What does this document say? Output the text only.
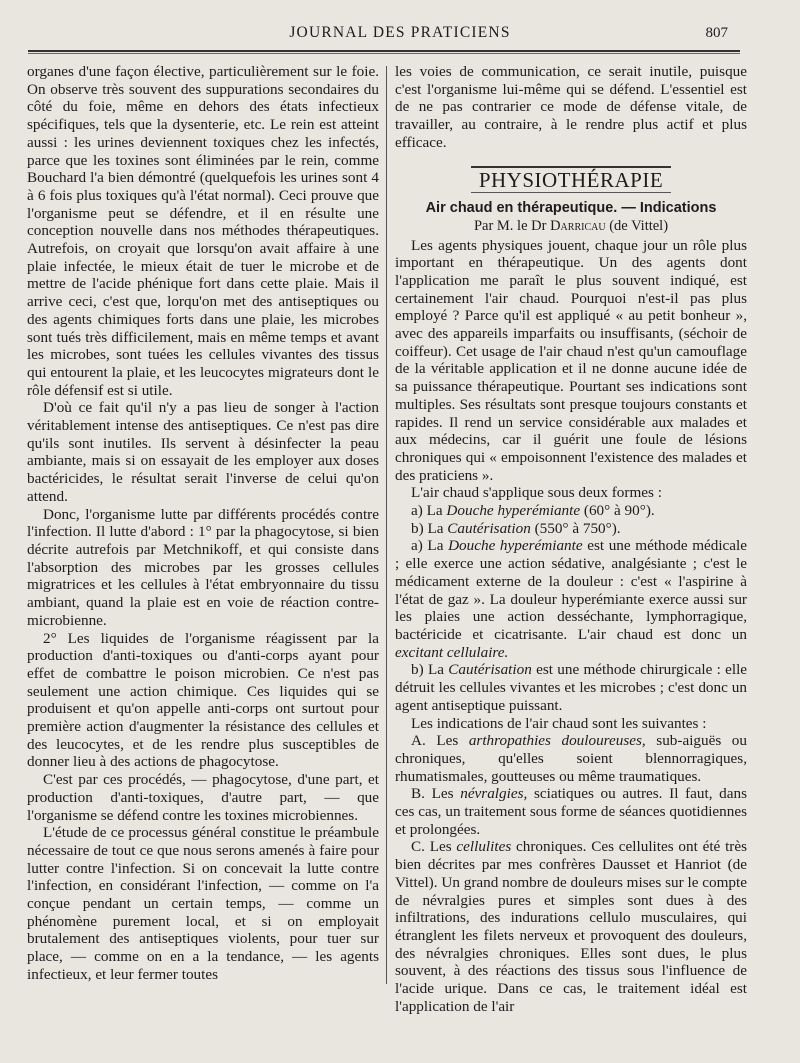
JOURNAL DES PRATICIENS	807

organes d'une façon élective, particulièrement sur le foie. On observe très souvent des suppurations secondaires du côté du foie, même en dehors des états infectieux spécifiques, tels que la dysenterie, etc. Le rein est atteint aussi : les urines deviennent toxiques chez les infectés, parce que les toxines sont éliminées par le rein, comme Bouchard l'a bien démontré (quelquefois les urines sont 4 à 6 fois plus toxiques qu'à l'état normal). Ceci prouve que l'organisme peut se défendre, et il en résulte une conception nouvelle dans nos méthodes thérapeutiques. Autrefois, on croyait que lorsqu'on avait affaire à une plaie infectée, le mieux était de tuer le microbe et de mettre de l'acide phénique fort dans cette plaie. Mais il arrive ceci, c'est que, lorqu'on met des antiseptiques ou des agents chimiques forts dans une plaie, les microbes sont tués très difficilement, mais en même temps et avant les microbes, sont tuées les cellules vivantes des tissus qui entourent la plaie, et les leucocytes migrateurs dont le rôle défensif est si utile.

D'où ce fait qu'il n'y a pas lieu de songer à l'action véritablement intense des antiseptiques. Ce n'est pas dire qu'ils sont inutiles. Ils servent à désinfecter la peau ambiante, mais si on essayait de les employer aux doses bactéricides, le résultat serait l'inverse de celui qu'on attend.

Donc, l'organisme lutte par différents procédés contre l'infection. Il lutte d'abord : 1° par la phagocytose, si bien décrite autrefois par Metchnikoff, et qui consiste dans l'absorption des microbes par les grosses cellules migratrices et les cellules à l'état embryonnaire du tissu ambiant, quand la plaie est en voie de réaction contre-microbienne.

2° Les liquides de l'organisme réagissent par la production d'anti-toxiques ou d'anti-corps ayant pour effet de combattre le poison microbien. Ce n'est pas seulement une action chimique. Ces liquides qui se produisent et qu'on appelle anti-corps ont surtout pour première action d'augmenter la résistance des cellules et des leucocytes, et de les rendre plus susceptibles de donner lieu à des actions de phagocytose.

C'est par ces procédés, — phagocytose, d'une part, et production d'anti-toxiques, d'autre part, — que l'organisme se défend contre les toxines microbiennes.

L'étude de ce processus général constitue le préambule nécessaire de tout ce que nous serons amenés à faire pour lutter contre l'infection. Si on concevait la lutte contre l'infection, en considérant l'infection, — comme on l'a conçue pendant un certain temps, — comme un phénomène purement local, et si on employait brutalement des antiseptiques violents, pour tuer sur place, — comme on en a la tendance, — les agents infectieux, et leur fermer toutes

les voies de communication, ce serait inutile, puisque c'est l'organisme lui-même qui se défend. L'essentiel est de ne pas contrarier ce mode de défense vitale, de travailler, au contraire, à le rendre plus actif et plus efficace.

PHYSIOTHÉRAPIE
Air chaud en thérapeutique. — Indications
Par M. le Dr Darricau (de Vittel)

Les agents physiques jouent, chaque jour un rôle plus important en thérapeutique. Un des agents dont l'application me paraît le plus souvent indiqué, est certainement l'air chaud. Pourquoi n'est-il pas plus employé ? Parce qu'il est appliqué « au petit bonheur », avec des appareils imparfaits ou insuffisants, (séchoir de coiffeur). Cet usage de l'air chaud n'est qu'un camouflage de la véritable application et il ne donne aucune idée de sa puissance thérapeutique. Pourtant ses indications sont multiples. Ses résultats sont presque toujours constants et rapides. Il rend un service considérable aux malades et aux médecins, car il guérit une foule de lésions chroniques qui « empoisonnent l'existence des malades et des praticiens ».

L'air chaud s'applique sous deux formes :

a) La Douche hyperémiante (60° à 90°).

b) La Cautérisation (550° à 750°).

a) La Douche hyperémiante est une méthode médicale ; elle exerce une action sédative, analgésiante ; c'est le médicament externe de la douleur : c'est « l'aspirine à l'état de gaz ». La douleur hyperémiante exerce aussi sur les plaies une action desséchante, lymphorragique, bactéricide et cicatrisante. L'air chaud est donc un excitant cellulaire.

b) La Cautérisation est une méthode chirurgicale : elle détruit les cellules vivantes et les microbes ; c'est donc un agent antiseptique puissant.

Les indications de l'air chaud sont les suivantes :

A. Les arthropathies douloureuses, sub-aiguës ou chroniques, qu'elles soient blennorragiques, rhumatismales, goutteuses ou même traumatiques.

B. Les névralgies, sciatiques ou autres. Il faut, dans ces cas, un traitement sous forme de séances quotidiennes et prolongées.

C. Les cellulites chroniques. Ces cellulites ont été très bien décrites par mes confrères Dausset et Hanriot (de Vittel). Un grand nombre de douleurs mises sur le compte de névralgies pures et simples sont dues à des infiltrations, des indurations cellulo musculaires, qui étranglent les filets nerveux et provoquent des douleurs, des névralgies chroniques. Elles sont dues, le plus souvent, à des réactions des tissus sous l'influence de l'acide urique. Dans ce cas, le traitement idéal est l'application de l'air
